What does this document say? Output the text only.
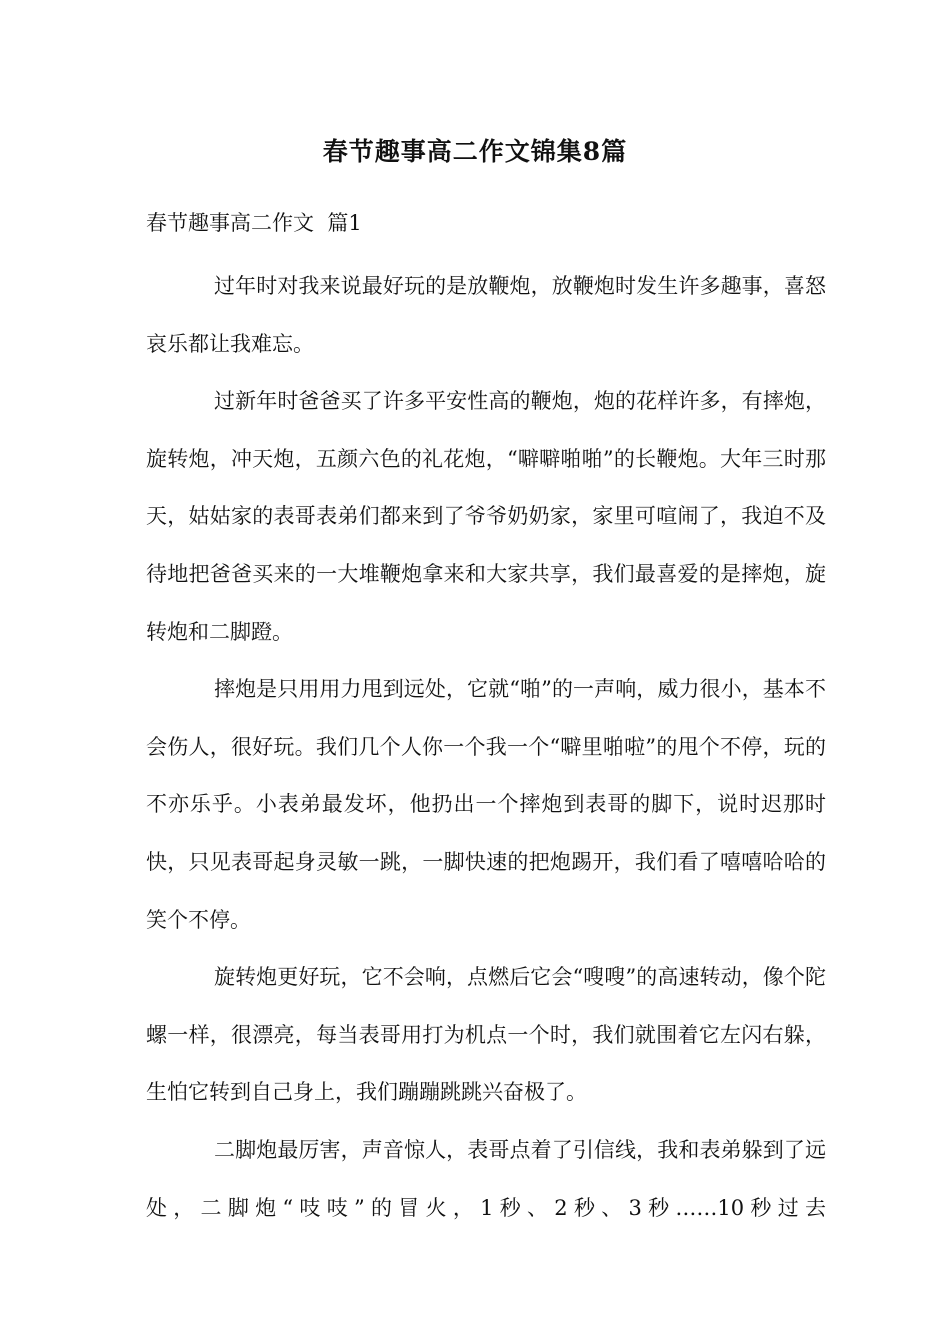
春节趣事高二作文锦集8篇
春节趣事高二作文  篇1

过年时对我来说最好玩的是放鞭炮，放鞭炮时发生许多趣事，喜怒哀乐都让我难忘。

过新年时爸爸买了许多平安性高的鞭炮，炮的花样许多，有摔炮，旋转炮，冲天炮，五颜六色的礼花炮，“噼噼啪啪”的长鞭炮。大年三时那天，姑姑家的表哥表弟们都来到了爷爷奶奶家，家里可喧闹了，我迫不及待地把爸爸买来的一大堆鞭炮拿来和大家共享，我们最喜爱的是摔炮，旋转炮和二脚蹬。

摔炮是只用用力甩到远处，它就“啪”的一声响，威力很小，基本不会伤人，很好玩。我们几个人你一个我一个“噼里啪啦”的甩个不停，玩的不亦乐乎。小表弟最发坏，他扔出一个摔炮到表哥的脚下，说时迟那时快，只见表哥起身灵敏一跳，一脚快速的把炮踢开，我们看了嘻嘻哈哈的笑个不停。

旋转炮更好玩，它不会响，点燃后它会“嗖嗖”的高速转动，像个陀螺一样，很漂亮，每当表哥用打为机点一个时，我们就围着它左闪右躲，生怕它转到自己身上，我们蹦蹦跳跳兴奋极了。

二脚炮最厉害，声音惊人，表哥点着了引信线，我和表弟躲到了远处，二脚炮“吱吱”的冒火，1秒、2秒、3秒……10秒过去
